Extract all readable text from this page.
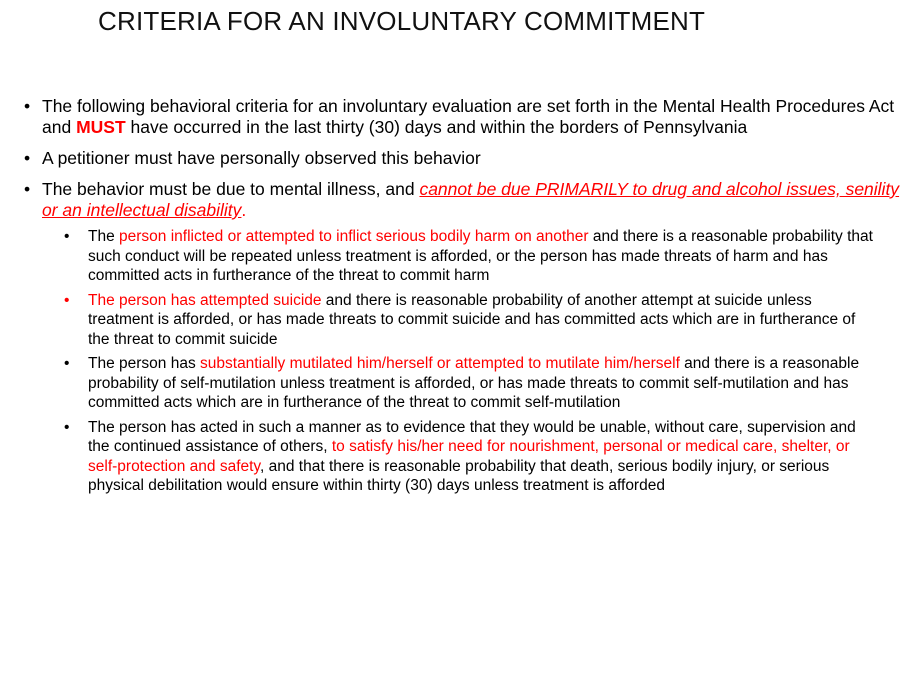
CRITERIA FOR AN INVOLUNTARY COMMITMENT
• The following behavioral criteria for an involuntary evaluation are set forth in the Mental Health Procedures Act and MUST have occurred in the last thirty (30) days and within the borders of Pennsylvania
• A petitioner must have personally observed this behavior
• The behavior must be due to mental illness, and cannot be due PRIMARILY to drug and alcohol issues, senility or an intellectual disability.
• The person inflicted or attempted to inflict serious bodily harm on another and there is a reasonable probability that such conduct will be repeated unless treatment is afforded, or the person has made threats of harm and has committed acts in furtherance of the threat to commit harm
• The person has attempted suicide and there is reasonable probability of another attempt at suicide unless treatment is afforded, or has made threats to commit suicide and has committed acts which are in furtherance of the threat to commit suicide
• The person has substantially mutilated him/herself or attempted to mutilate him/herself and there is a reasonable probability of self-mutilation unless treatment is afforded, or has made threats to commit self-mutilation and has committed acts which are in furtherance of the threat to commit self-mutilation
• The person has acted in such a manner as to evidence that they would be unable, without care, supervision and the continued assistance of others, to satisfy his/her need for nourishment, personal or medical care, shelter, or self-protection and safety, and that there is reasonable probability that death, serious bodily injury, or serious physical debilitation would ensure within thirty (30) days unless treatment is afforded
